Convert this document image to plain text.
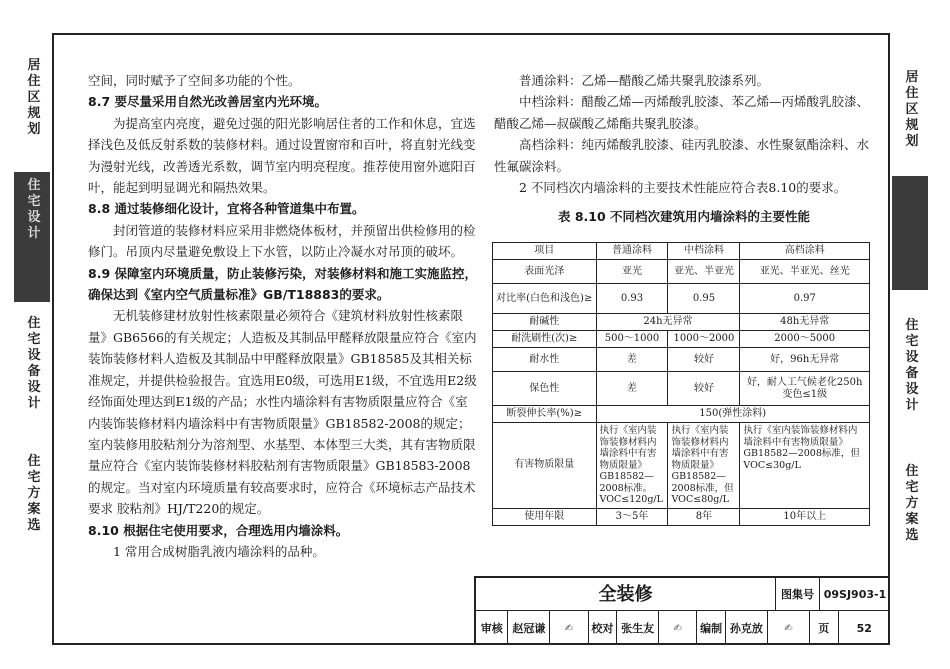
居住区规划
住宅设计
住宅设备设计
住宅方案选
居住区规划
住宅设备设计
住宅方案选

空间，同时赋予了空间多功能的个性。

8.7 要尽量采用自然光改善居室内光环境。

为提高室内亮度，避免过强的阳光影响居住者的工作和休息，宜选择浅色及低反射系数的装修材料。通过设置窗帘和百叶，将直射光线变为漫射光线，改善透光系数，调节室内明亮程度。推荐使用窗外遮阳百叶，能起到明显调光和隔热效果。

8.8 通过装修细化设计，宜将各种管道集中布置。

封闭管道的装修材料应采用非燃烧体板材，并预留出供检修用的检修门。吊顶内尽量避免敷设上下水管，以防止冷凝水对吊顶的破坏。

8.9 保障室内环境质量，防止装修污染，对装修材料和施工实施监控，确保达到《室内空气质量标准》GB/T18883的要求。

无机装修建材放射性核素限量必须符合《建筑材料放射性核素限量》GB6566的有关规定；人造板及其制品甲醛释放限量应符合《室内装饰装修材料人造板及其制品中甲醛释放限量》GB18585及其相关标准规定，并提供检验报告。宜选用E0级，可选用E1级，不宜选用E2级经饰面处理达到E1级的产品；水性内墙涂料有害物质限量应符合《室内装饰装修材料内墙涂料中有害物质限量》GB18582-2008的规定；室内装修用胶粘剂分为溶剂型、水基型、本体型三大类，其有害物质限量应符合《室内装饰装修材料胶粘剂有害物质限量》GB18583-2008的规定。当对室内环境质量有较高要求时，应符合《环境标志产品技术要求 胶粘剂》HJ/T220的规定。

8.10 根据住宅使用要求，合理选用内墙涂料。

1 常用合成树脂乳液内墙涂料的品种。

普通涂料：乙烯—醋酸乙烯共聚乳胶漆系列。

中档涂料：醋酸乙烯—丙烯酸乳胶漆、苯乙烯—丙烯酸乳胶漆、醋酸乙烯—叔碳酸乙烯酯共聚乳胶漆。

高档涂料：纯丙烯酸乳胶漆、硅丙乳胶漆、水性聚氨酯涂料、水性氟碳涂料。

2 不同档次内墙涂料的主要技术性能应符合表8.10的要求。

表 8.10 不同档次建筑用内墙涂料的主要性能

项目	普通涂料	中档涂料	高档涂料
表面光泽	亚光	亚光、半亚光	亚光、半亚光、丝光
对比率(白色和浅色)≥	0.93	0.95	0.97
耐碱性	24h无异常		48h无异常
耐洗刷性(次)≥	500～1000	1000～2000	2000～5000
耐水性	差	较好	好，96h无异常
保色性	差	较好	好，耐人工气候老化250h变色≤1级
断裂伸长率(%)≥	150(弹性涂料)		
有害物质限量	执行《室内装饰装修材料内墙涂料中有害物质限量》GB18582—2008标准。VOC≤120g/L	执行《室内装饰装修材料内墙涂料中有害物质限量》GB18582—2008标准，但VOC≤80g/L	执行《室内装饰装修材料内墙涂料中有害物质限量》GB18582—2008标准，但VOC≤30g/L
使用年限	3～5年	8年	10年以上
全装修	图集号 09SJ903-1
审核 赵冠谦	✍	校对 张生友	✍	编制 孙克放	✍	页	52
